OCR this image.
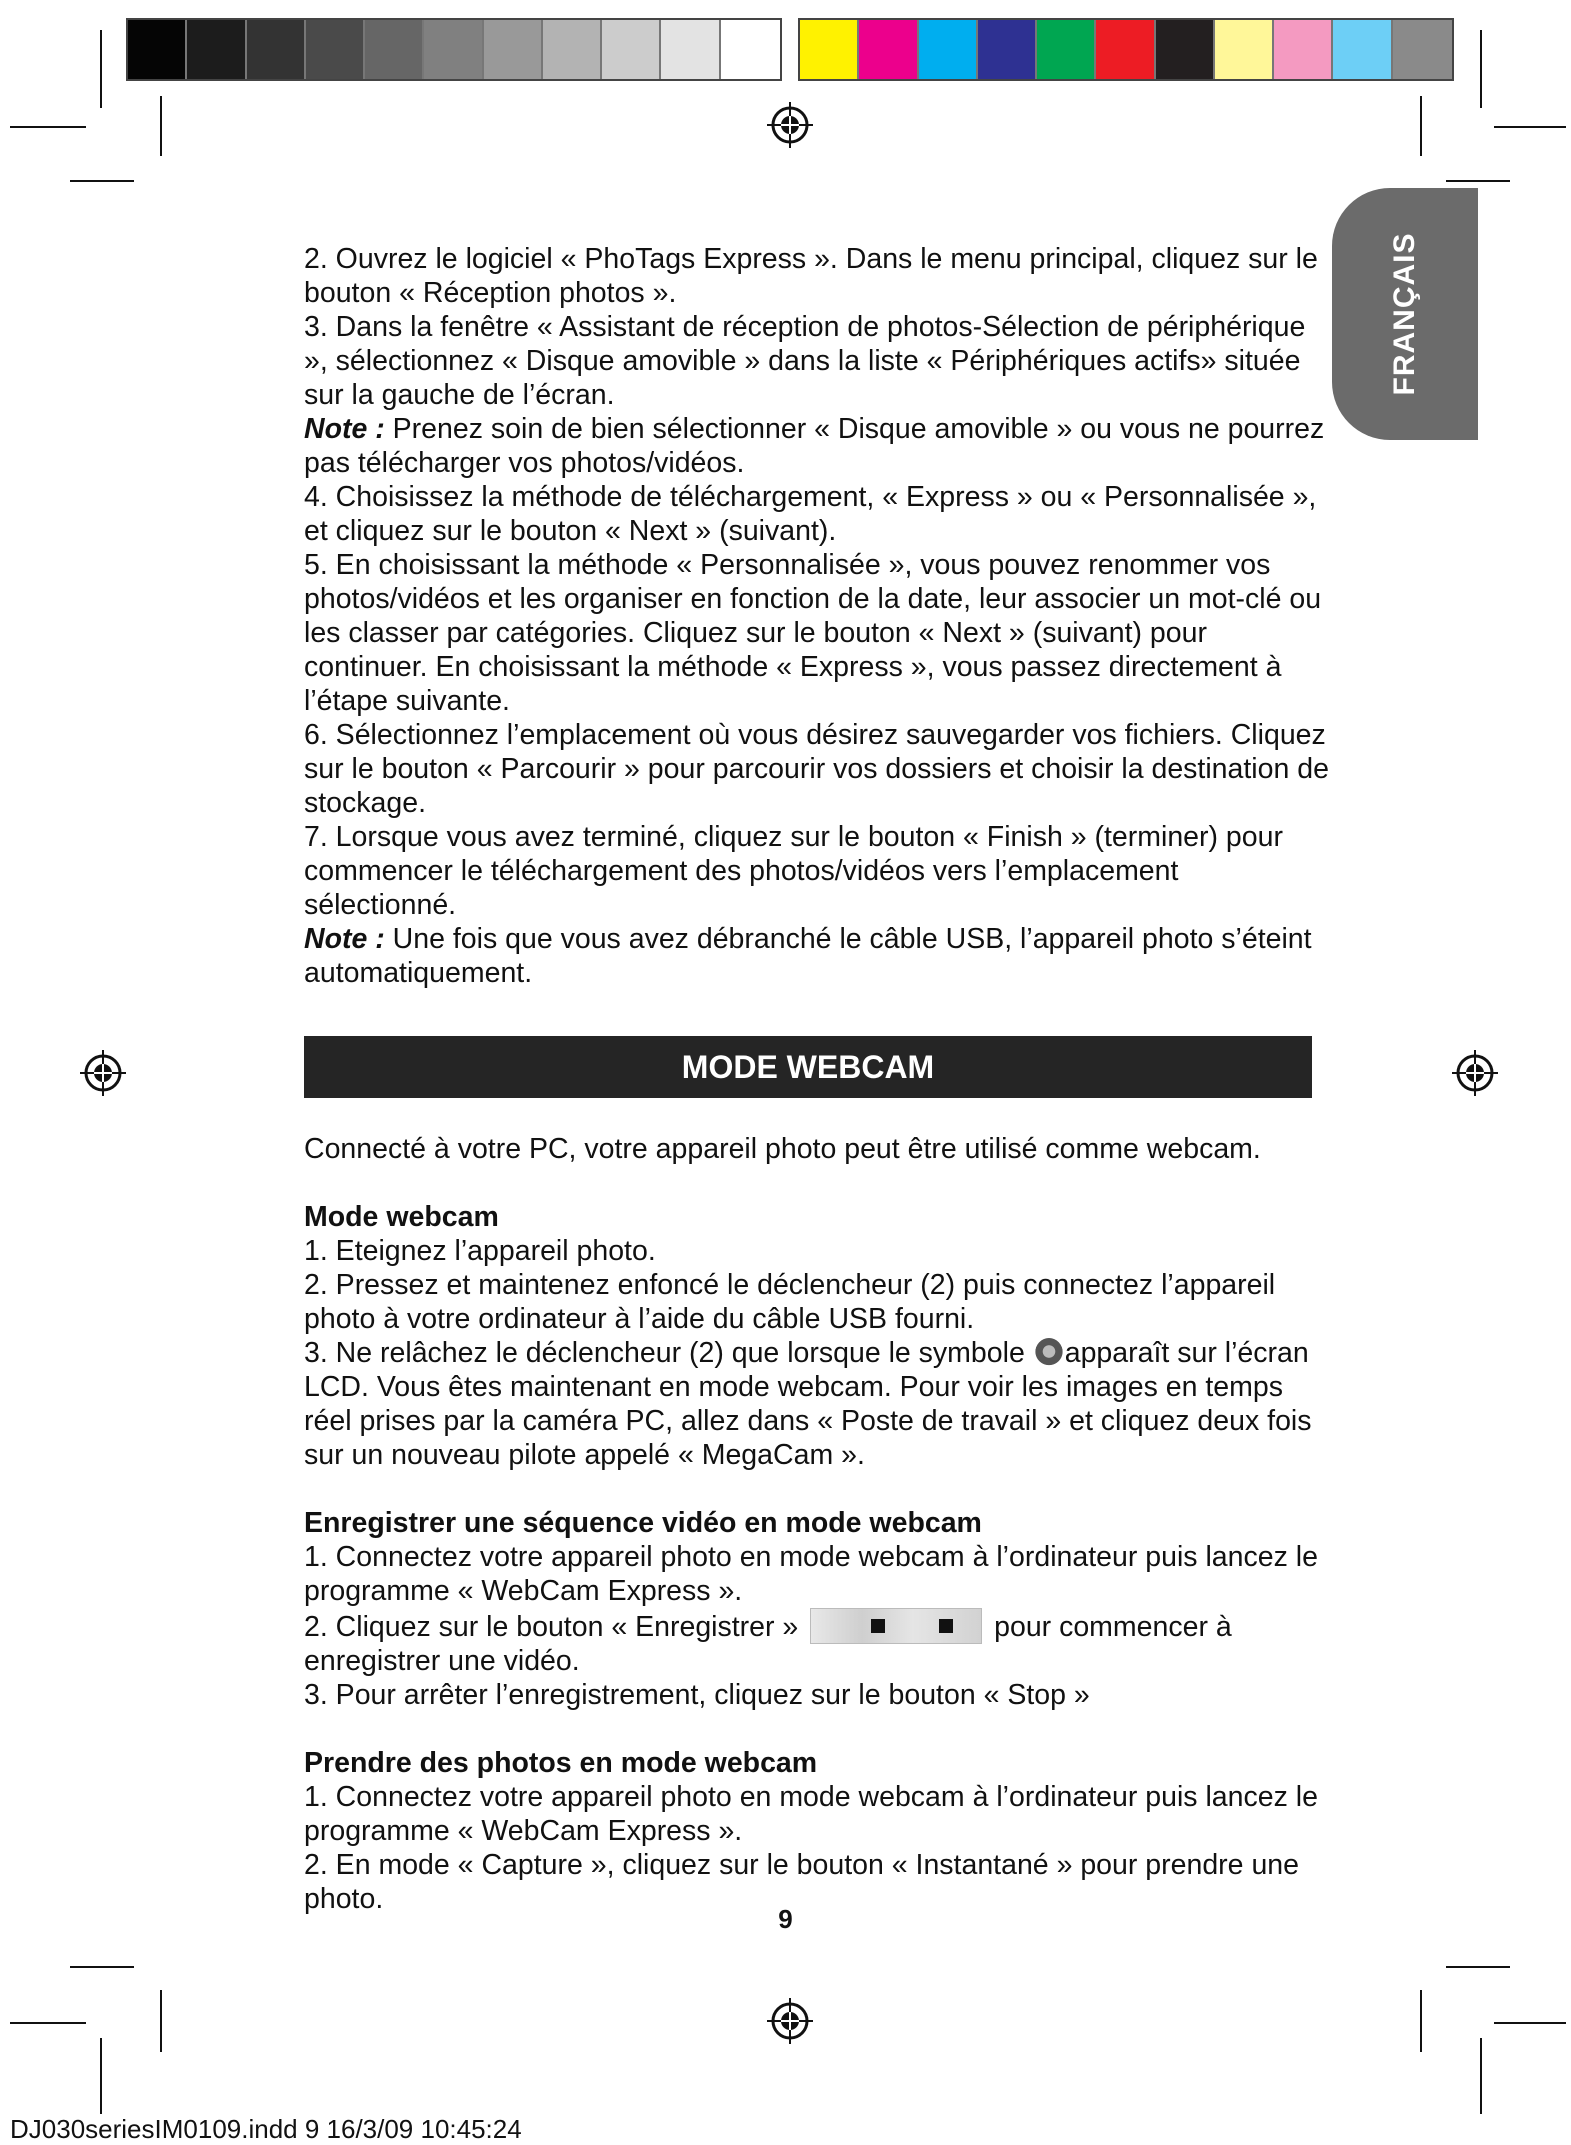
FRANÇAIS

2. Ouvrez le logiciel « PhoTags Express ». Dans le menu principal, cliquez sur le bouton « Réception photos ».

3. Dans la fenêtre « Assistant de réception de photos-Sélection de périphérique », sélectionnez « Disque amovible » dans la liste « Périphériques actifs» située sur la gauche de l’écran.

Note : Prenez soin de bien sélectionner « Disque amovible » ou vous ne pourrez pas télécharger vos photos/vidéos.

4. Choisissez la méthode de téléchargement, « Express » ou « Personnalisée », et cliquez sur le bouton « Next » (suivant).

5. En choisissant la méthode « Personnalisée », vous pouvez renommer vos photos/vidéos et les organiser en fonction de la date, leur associer un mot-clé ou les classer par catégories. Cliquez sur le bouton « Next » (suivant) pour continuer. En choisissant la méthode « Express », vous passez directement à l’étape suivante.

6. Sélectionnez l’emplacement où vous désirez sauvegarder vos fichiers. Cliquez sur le bouton « Parcourir » pour parcourir vos dossiers et choisir la destination de stockage.

7. Lorsque vous avez terminé, cliquez sur le bouton « Finish » (terminer) pour commencer le téléchargement des photos/vidéos vers l’emplacement sélectionné.

Note : Une fois que vous avez débranché le câble USB, l’appareil photo s’éteint automatiquement.

MODE WEBCAM

Connecté à votre PC, votre appareil photo peut être utilisé comme webcam.

Mode webcam

1. Eteignez l’appareil photo.

2. Pressez et maintenez enfoncé le déclencheur (2) puis connectez l’appareil photo à votre ordinateur à l’aide du câble USB fourni.

3. Ne relâchez le déclencheur (2) que lorsque le symbole apparaît sur l’écran LCD. Vous êtes maintenant en mode webcam. Pour voir les images en temps réel prises par la caméra PC, allez dans « Poste de travail » et cliquez deux fois sur un nouveau pilote appelé « MegaCam ».

Enregistrer une séquence vidéo en mode webcam

1. Connectez votre appareil photo en mode webcam à l’ordinateur puis lancez le programme « WebCam Express ».

2. Cliquez sur le bouton « Enregistrer »	pour commencer à enregistrer une vidéo.

3. Pour arrêter l’enregistrement, cliquez sur le bouton « Stop »

Prendre des photos en mode webcam

1. Connectez votre appareil photo en mode webcam à l’ordinateur puis lancez le programme « WebCam Express ».

2. En mode « Capture », cliquez sur le bouton « Instantané » pour prendre une photo.

9
DJ030seriesIM0109.indd 9 16/3/09 10:45:24
